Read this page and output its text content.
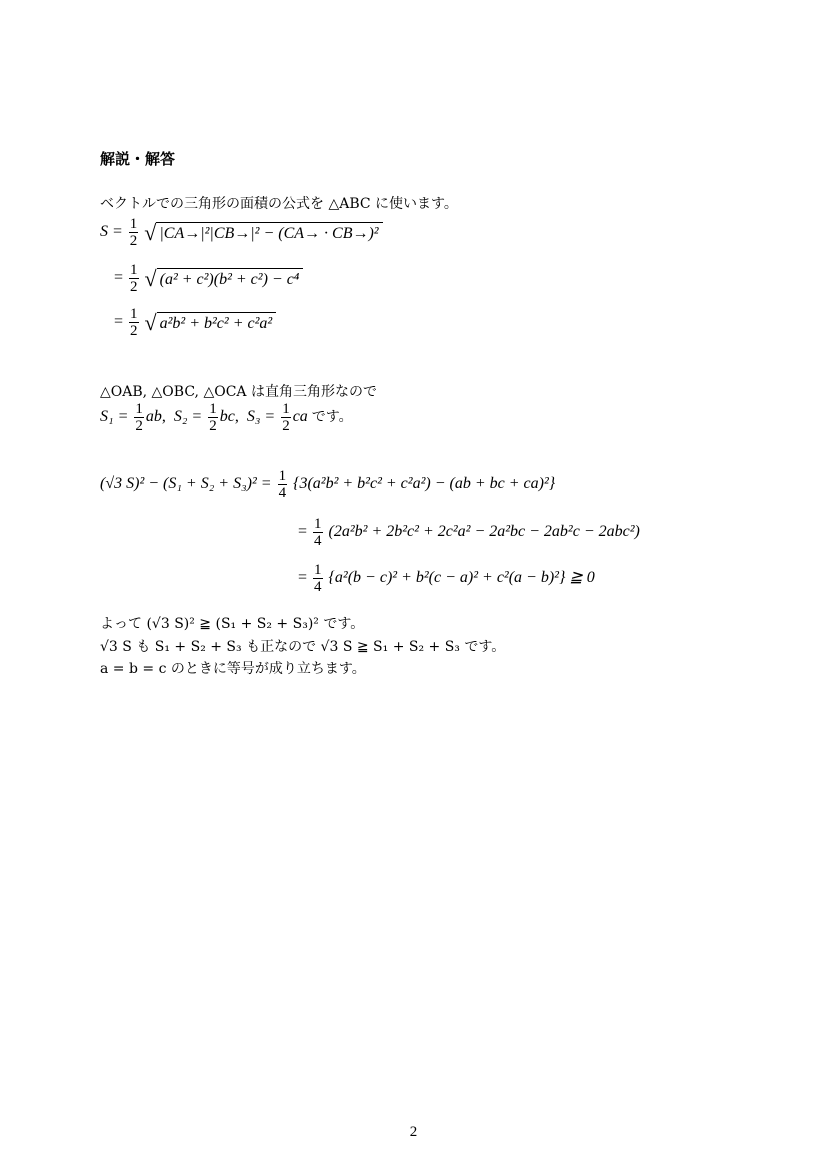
解説・解答
ベクトルでの三角形の面積の公式を △ABC に使います。
$S = \frac{1}{2}$ √ |CA→|²|CB→|² − (CA→ · CB→)²
= $\frac{1}{2}$ √ (a² + c²)(b² + c²) − c⁴
= $\frac{1}{2}$ √ a²b² + b²c² + c²a²
△OAB, △OBC, △OCA は直角三角形なので
$S_1 = \frac{1}{2}$ ab, $S_2 = \frac{1}{2}$ bc, $S_3 = \frac{1}{2}$ ca です。
(√3 $S)^2 - (S_1 + S_2 + S_3)^2 = \frac{1}{4} \{3(a^2b^2 + b^2c^2 + c^2a^2) - (ab$ + bc + ca)²}
= $\frac{1}{4} (2a^2b^2 + 2b^2c^2 + 2c^2a^2 - 2a^2bc - 2ab^2c - 2abc^2)$
= $\frac{1}{4} \{a^2(b - c)^2 + b^2(c - a)^2 + c^2(a - b)^2\}$ ≧ 0
よって (√3 S)² ≧ (S₁ + S₂ + S₃)² です。
√3 S も S₁ + S₂ + S₃ も正なので √3 S ≧ S₁ + S₂ + S₃ です。
a = b = c のときに等号が成り立ちます。
2
